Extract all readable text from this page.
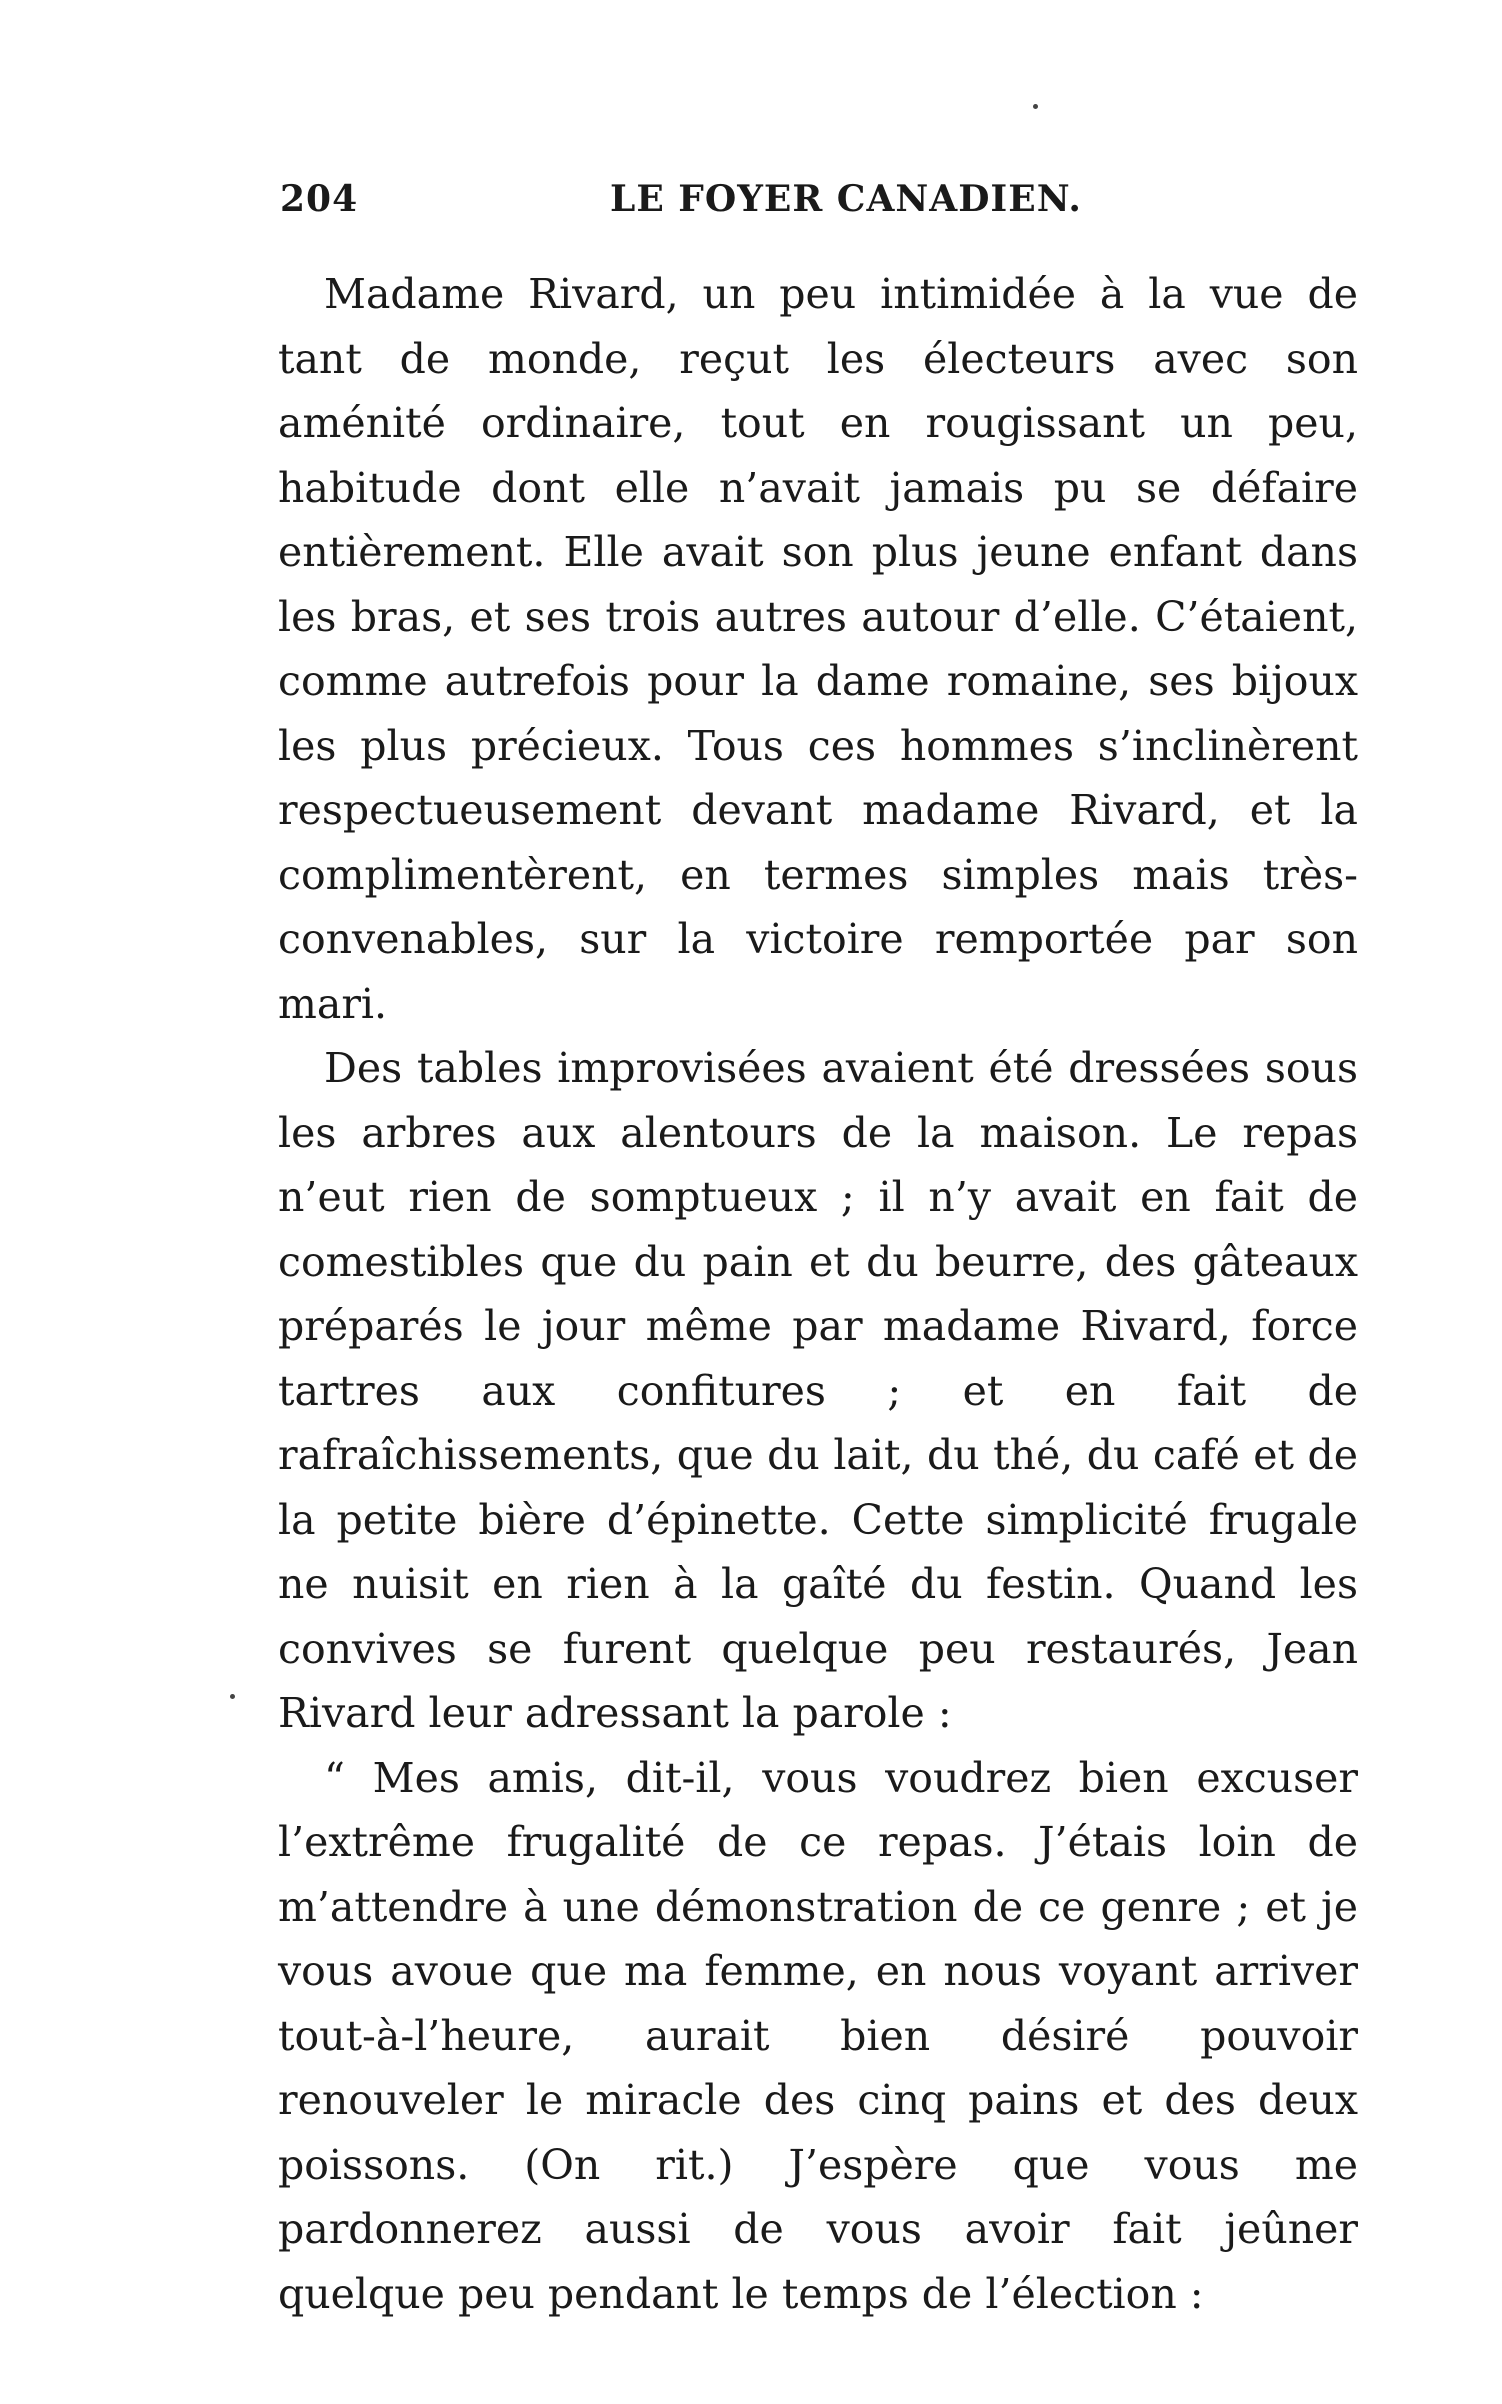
204	LE FOYER CANADIEN.

Madame Rivard, un peu intimidée à la vue de tant de monde, reçut les électeurs avec son aménité ordinaire, tout en rougissant un peu, habitude dont elle n’avait jamais pu se défaire entièrement. Elle avait son plus jeune enfant dans les bras, et ses trois autres autour d’elle. C’étaient, comme autrefois pour la dame romaine, ses bijoux les plus précieux. Tous ces hommes s’inclinèrent respectueusement devant madame Rivard, et la complimentèrent, en termes simples mais très-convenables, sur la victoire remportée par son mari.

Des tables improvisées avaient été dressées sous les arbres aux alentours de la maison. Le repas n’eut rien de somptueux ; il n’y avait en fait de comestibles que du pain et du beurre, des gâteaux préparés le jour même par madame Rivard, force tartres aux confitures ; et en fait de rafraîchissements, que du lait, du thé, du café et de la petite bière d’épinette. Cette simplicité frugale ne nuisit en rien à la gaîté du festin. Quand les convives se furent quelque peu restaurés, Jean Rivard leur adressant la parole :

“ Mes amis, dit-il, vous voudrez bien excuser l’extrême frugalité de ce repas. J’étais loin de m’attendre à une démonstration de ce genre ; et je vous avoue que ma femme, en nous voyant arriver tout-à-l’heure, aurait bien désiré pouvoir renouveler le miracle des cinq pains et des deux poissons. (On rit.) J’espère que vous me pardonnerez aussi de vous avoir fait jeûner quelque peu pendant le temps de l’élection :
